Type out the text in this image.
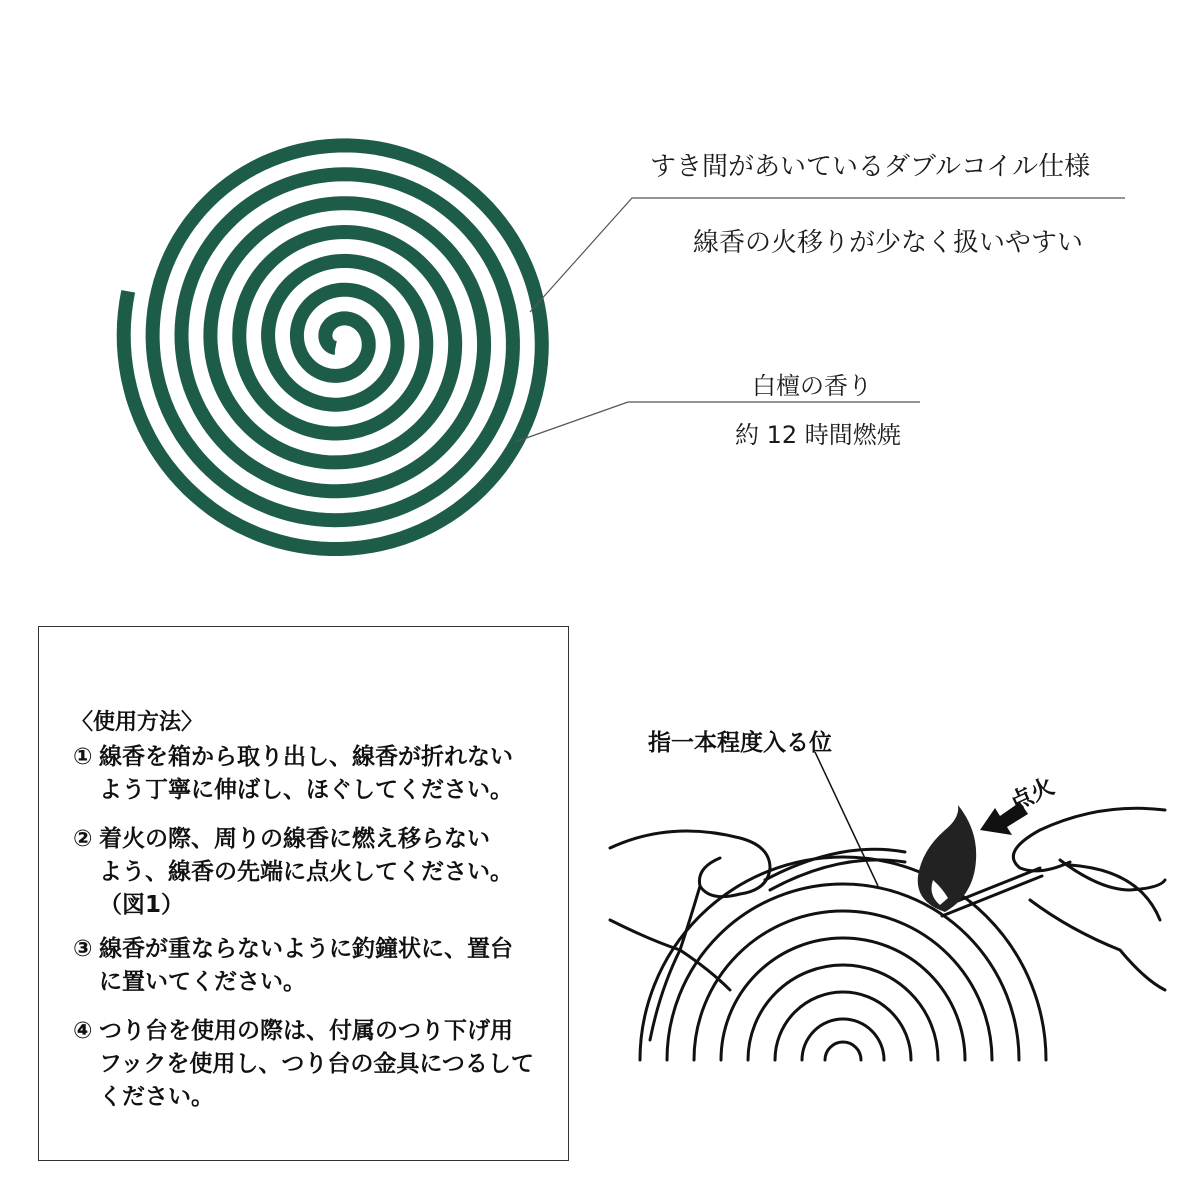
すき間があいているダブルコイル仕様
線香の火移りが少なく扱いやすい
白檀の香り
約 12 時間燃焼
〈使用方法〉
① 線香を箱から取り出し、線香が折れない
よう丁寧に伸ばし、ほぐしてください。
② 着火の際、周りの線香に燃え移らない
よう、線香の先端に点火してください。
（図1）
③ 線香が重ならないように釣鐘状に、置台
に置いてください。
④ つり台を使用の際は、付属のつり下げ用
フックを使用し、つり台の金具につるして
ください。
指一本程度入る位
点火
